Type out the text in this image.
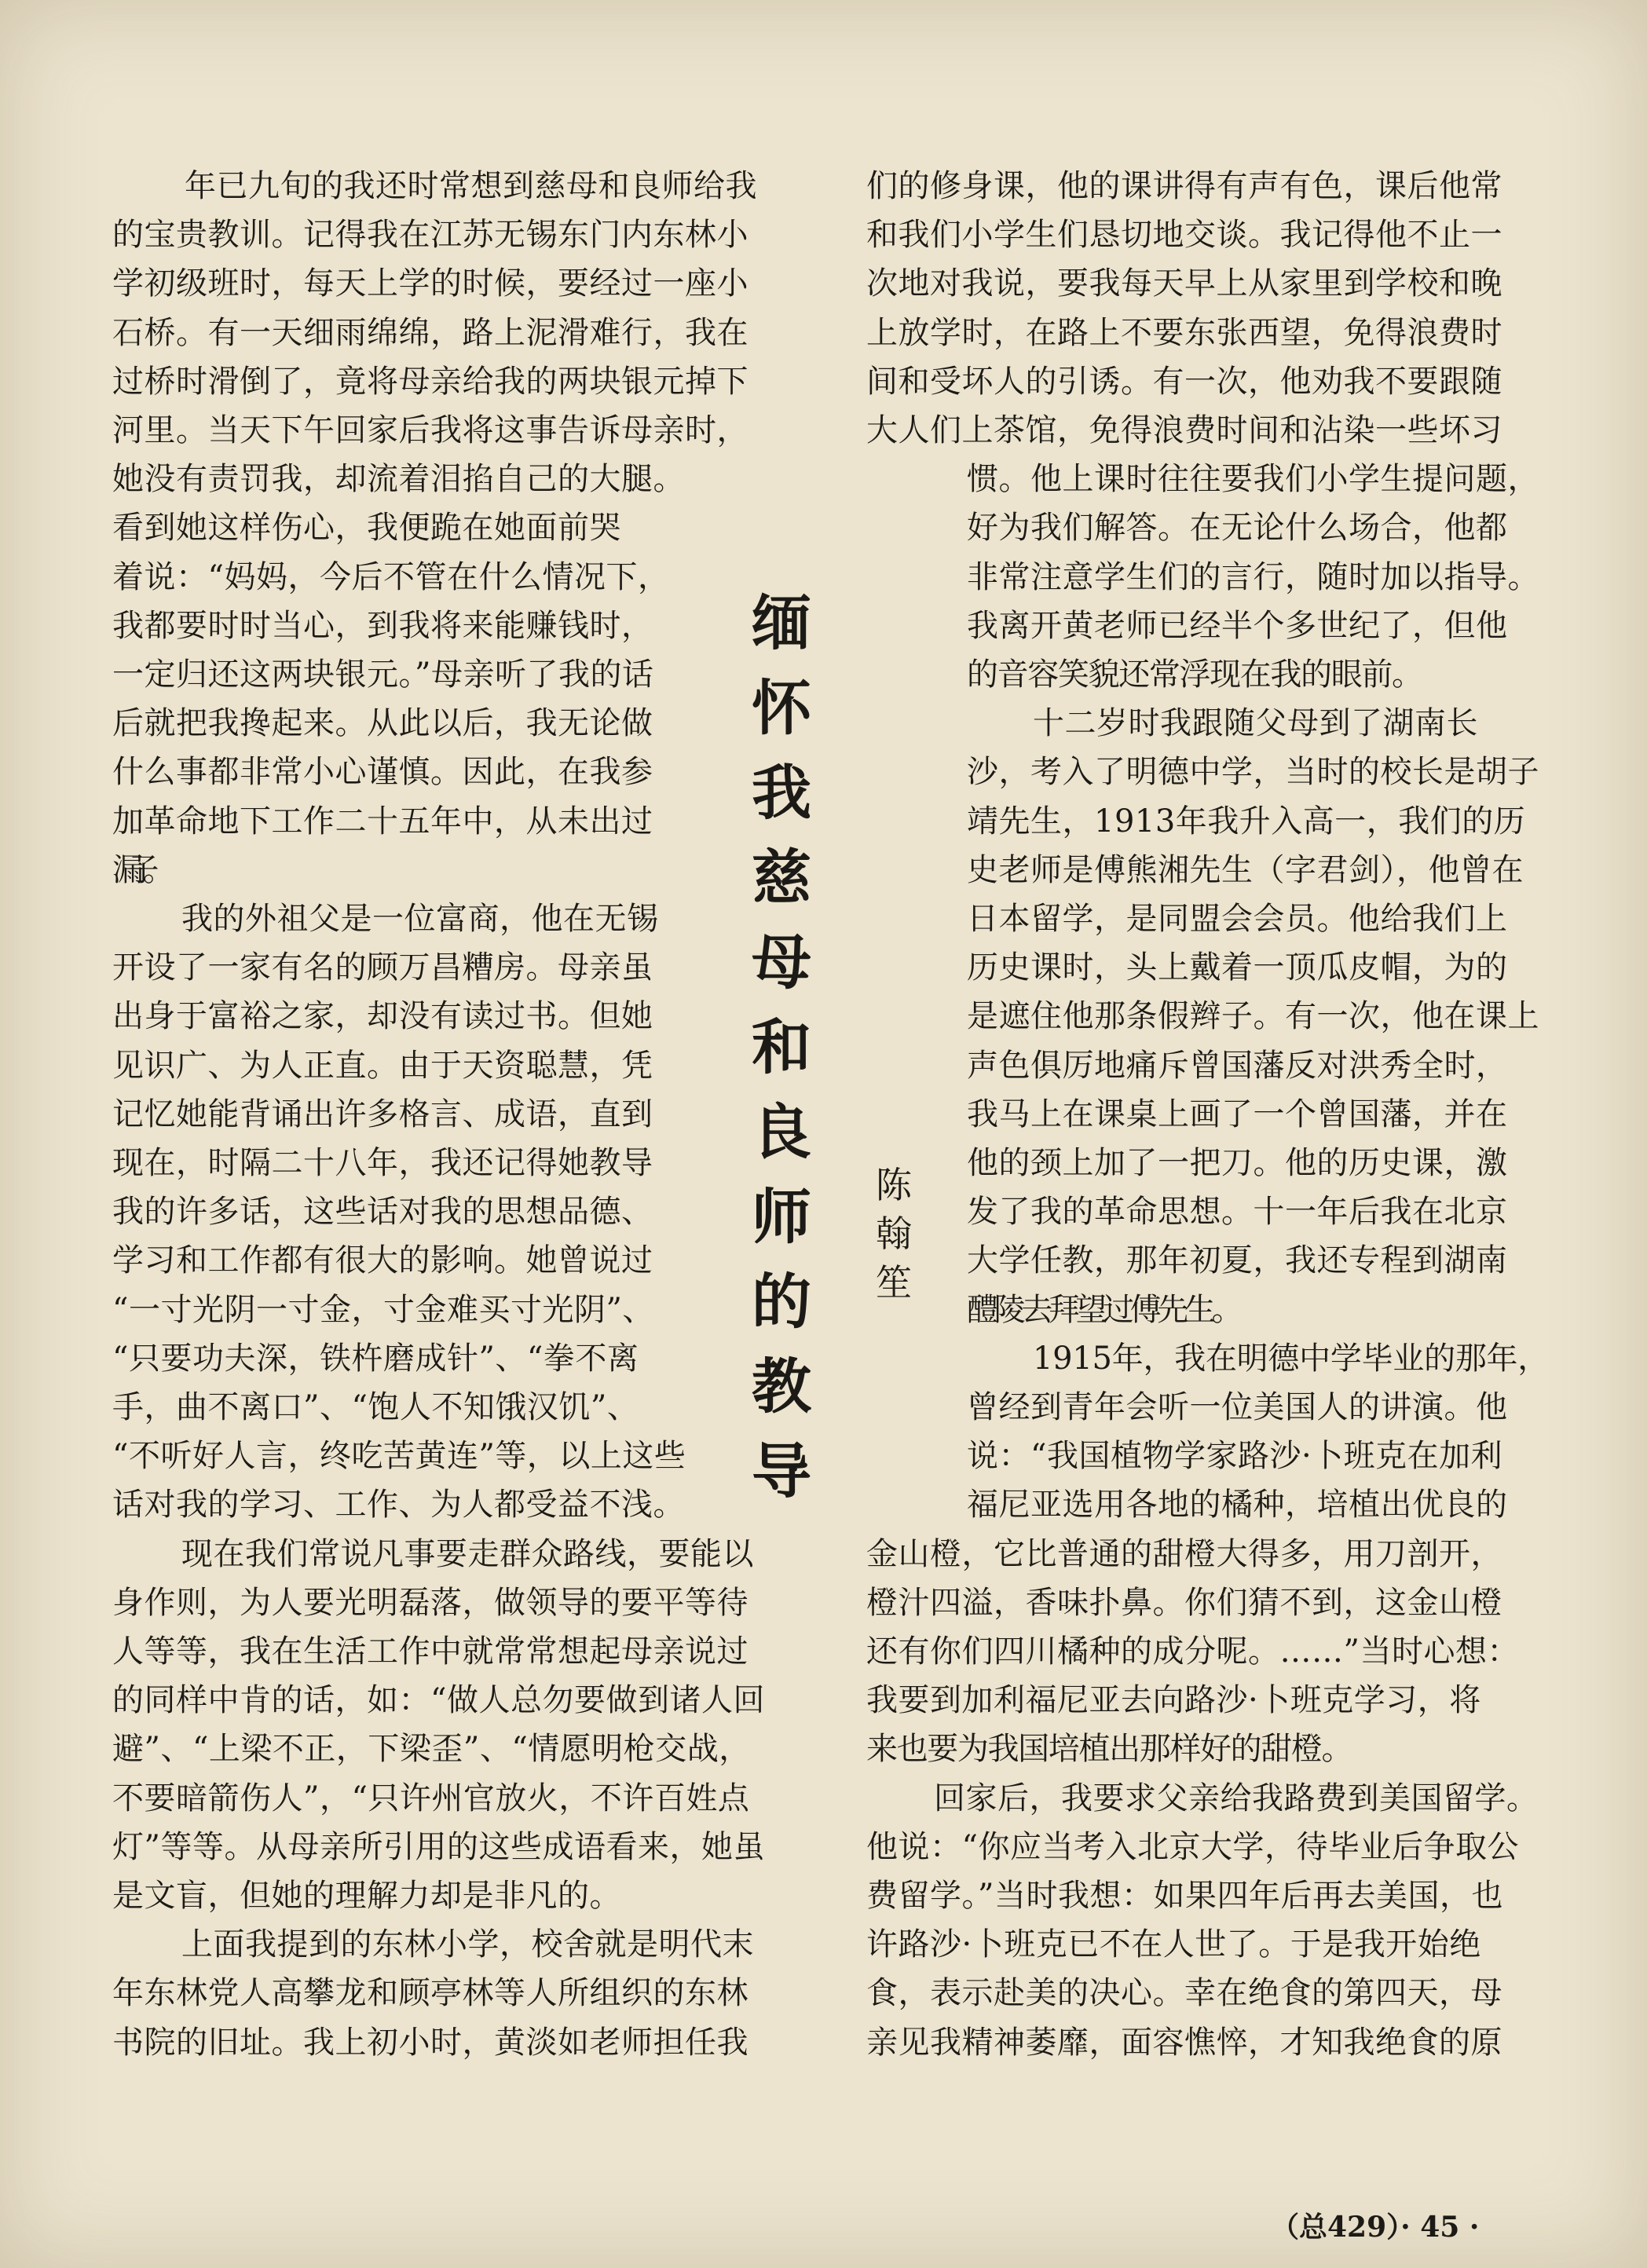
年已九旬的我还时常想到慈母和良师给我
的宝贵教训。记得我在江苏无锡东门内东林小
学初级班时，每天上学的时候，要经过一座小
石桥。有一天细雨绵绵，路上泥滑难行，我在
过桥时滑倒了，竟将母亲给我的两块银元掉下
河里。当天下午回家后我将这事告诉母亲时，
她没有责罚我，却流着泪掐自己的大腿。
看到她这样伤心，我便跪在她面前哭
着说：“妈妈，今后不管在什么情况下，
我都要时时当心，到我将来能赚钱时，
一定归还这两块银元。”母亲听了我的话
后就把我搀起来。从此以后，我无论做
什么事都非常小心谨慎。因此，在我参
加革命地下工作二十五年中，从未出过
漏子。
我的外祖父是一位富商，他在无锡
开设了一家有名的顾万昌糟房。母亲虽
出身于富裕之家，却没有读过书。但她
见识广、为人正直。由于天资聪慧，凭
记忆她能背诵出许多格言、成语，直到
现在，时隔二十八年，我还记得她教导
我的许多话，这些话对我的思想品德、
学习和工作都有很大的影响。她曾说过
“一寸光阴一寸金，寸金难买寸光阴”、
“只要功夫深，铁杵磨成针”、“拳不离
手，曲不离口”、“饱人不知饿汉饥”、
“不听好人言，终吃苦黄连”等，以上这些
话对我的学习、工作、为人都受益不浅。
现在我们常说凡事要走群众路线，要能以
身作则，为人要光明磊落，做领导的要平等待
人等等，我在生活工作中就常常想起母亲说过
的同样中肯的话，如：“做人总勿要做到诸人回
避”、“上梁不正，下梁歪”、“情愿明枪交战，
不要暗箭伤人”，“只许州官放火，不许百姓点
灯”等等。从母亲所引用的这些成语看来，她虽
是文盲，但她的理解力却是非凡的。
上面我提到的东林小学，校舍就是明代末
年东林党人高攀龙和顾亭林等人所组织的东林
书院的旧址。我上初小时，黄淡如老师担任我
们的修身课，他的课讲得有声有色，课后他常
和我们小学生们恳切地交谈。我记得他不止一
次地对我说，要我每天早上从家里到学校和晚
上放学时，在路上不要东张西望，免得浪费时
间和受坏人的引诱。有一次，他劝我不要跟随
大人们上茶馆，免得浪费时间和沾染一些坏习
惯。他上课时往往要我们小学生提问题，
好为我们解答。在无论什么场合，他都
非常注意学生们的言行，随时加以指导。
我离开黄老师已经半个多世纪了，但他
的音容笑貌还常浮现在我的眼前。
十二岁时我跟随父母到了湖南长
沙，考入了明德中学，当时的校长是胡子
靖先生，1913年我升入高一，我们的历
史老师是傅熊湘先生（字君剑），他曾在
日本留学，是同盟会会员。他给我们上
历史课时，头上戴着一顶瓜皮帽，为的
是遮住他那条假辫子。有一次，他在课上
声色俱厉地痛斥曾国藩反对洪秀全时，
我马上在课桌上画了一个曾国藩，并在
他的颈上加了一把刀。他的历史课，激
发了我的革命思想。十一年后我在北京
大学任教，那年初夏，我还专程到湖南
醴陵去拜望过傅先生。
1915年，我在明德中学毕业的那年，
曾经到青年会听一位美国人的讲演。他
说：“我国植物学家路沙·卜班克在加利
福尼亚选用各地的橘种，培植出优良的
金山橙，它比普通的甜橙大得多，用刀剖开，
橙汁四溢，香味扑鼻。你们猜不到，这金山橙
还有你们四川橘种的成分呢。……”当时心想：
我要到加利福尼亚去向路沙·卜班克学习，将
来也要为我国培植出那样好的甜橙。
回家后，我要求父亲给我路费到美国留学。
他说：“你应当考入北京大学，待毕业后争取公
费留学。”当时我想：如果四年后再去美国，也
许路沙·卜班克已不在人世了。于是我开始绝
食，表示赴美的决心。幸在绝食的第四天，母
亲见我精神萎靡，面容憔悴，才知我绝食的原
缅
怀
我
慈
母
和
良
师
的
教
导
陈
翰
笙
（总429）· 45 ·
